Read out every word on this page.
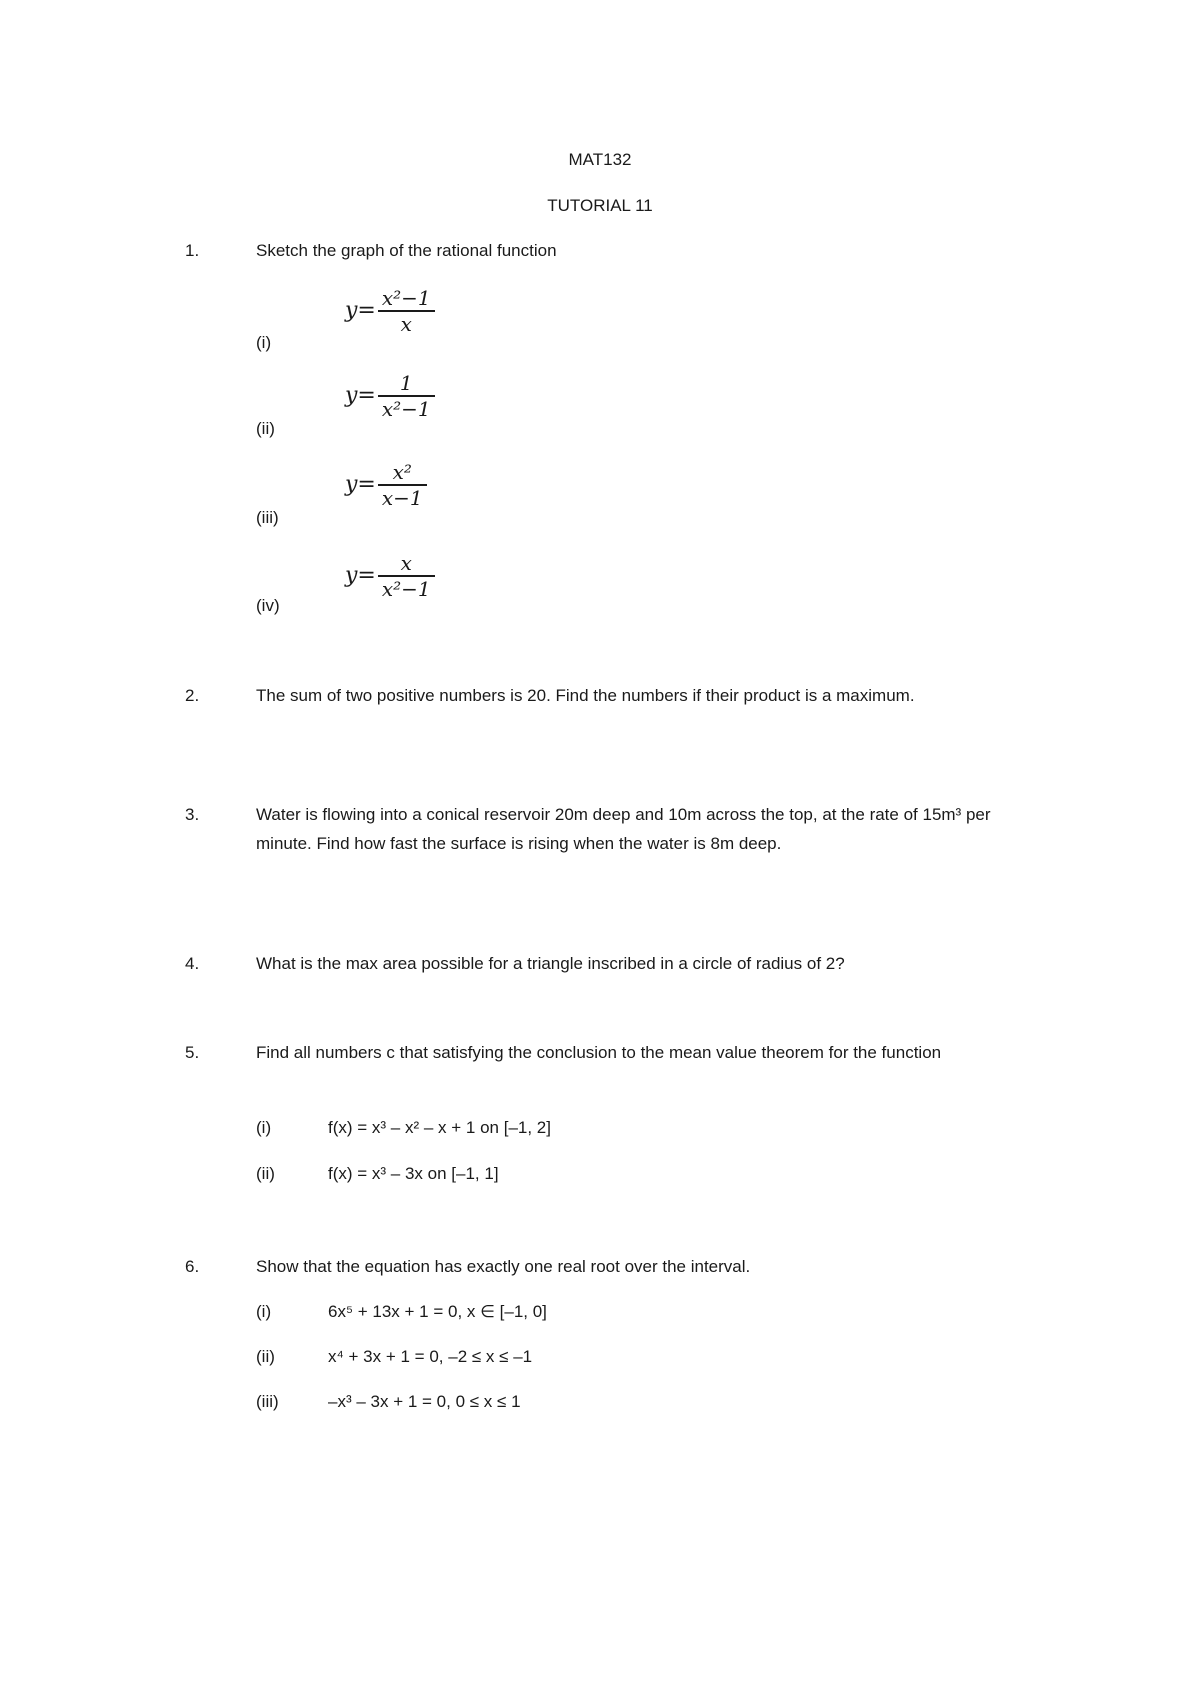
MAT132
TUTORIAL 11
1.	Sketch the graph of the rational function
(i)
$y= \frac{\text{x²−1}}{x}$
(ii)
$y= \frac{1}{\text{x²−1}}$
(iii)
$y= \frac{\text{x²}}{x-1}$
(iv)
$y= \frac{x}{\text{x²−1}}$
2.	The sum of two positive numbers is 20. Find the numbers if their product is a maximum.
3.	Water is flowing into a conical reservoir 20m deep and 10m across the top, at the rate of 15m³ per minute. Find how fast the surface is rising when the water is 8m deep.
4.	What is the max area possible for a triangle inscribed in a circle of radius of 2?
5.	Find all numbers c that satisfying the conclusion to the mean value theorem for the function
(i)	f(x) = x³ – x² – x + 1 on [–1, 2]
(ii)	f(x) = x³ – 3x on [–1, 1]
6.	Show that the equation has exactly one real root over the interval.
(i)	6x⁵ + 13x + 1 = 0, x ∈ [–1, 0]
(ii)	x⁴ + 3x + 1 = 0, –2 ≤ x ≤ –1
(iii)	–x³ – 3x + 1 = 0, 0 ≤ x ≤ 1
